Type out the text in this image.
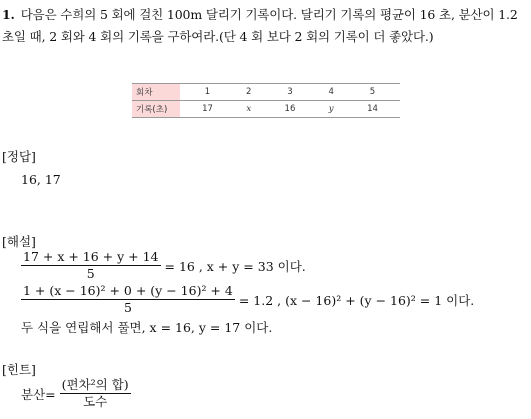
1. 다음은 수희의 5 회에 걸친 100m 달리기 기록이다. 달리기 기록의 평균이 16 초, 분산이 1.2초일 때, 2 회와 4 회의 기록을 구하여라.(단 4 회 보다 2 회의 기록이 더 좋았다.)
회차	1	2	3	4	5
기록(초)	17	x	16	y	14
[정답]
16, 17
[해설]
$\frac{17 + x + 16 + y + 14}{5} = 16$ , x + y = 33 이다.
$\frac{\text{1 + (x − 16)² + 0 + (y − 16)² + 4}}{5} = 1.2$ , (x − 16)² + (y − 16)² = 1 이다.
두 식을 연립해서 풀면, x = 16, y = 17 이다.
[힌트]
분산= $\frac{\text{(편차²의 합)}}{\text{도수}}$
